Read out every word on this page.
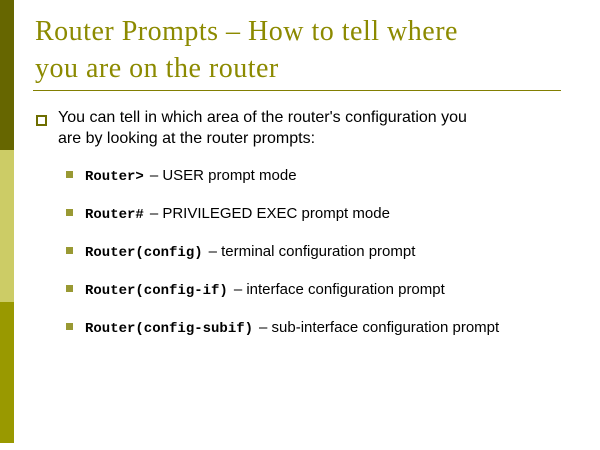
Router Prompts – How to tell where
you are on the router
You can tell in which area of the router's configuration you
are by looking at the router prompts:
Router> – USER prompt mode
Router# – PRIVILEGED EXEC prompt mode
Router(config) – terminal configuration prompt
Router(config-if) – interface configuration prompt
Router(config-subif) – sub-interface configuration prompt
